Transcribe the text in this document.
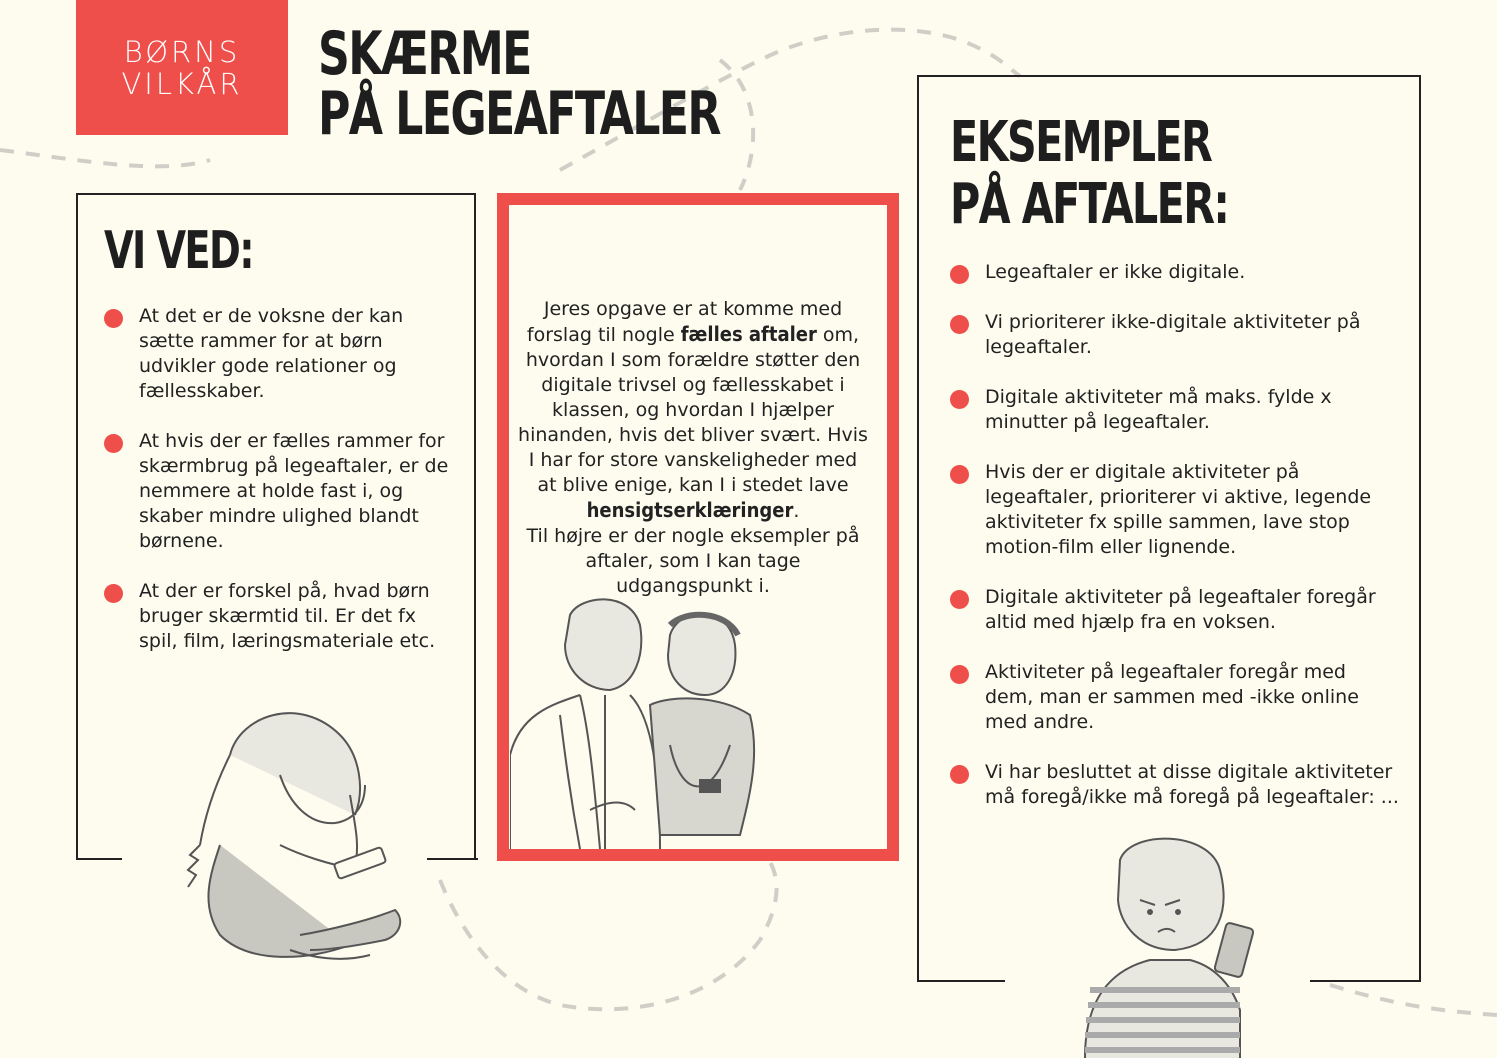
BØRNS
VILKÅR SKÆRME
PÅ LEGEAFTALER
VI VED:
At det er de voksne der kan sætte rammer for at børn udvikler gode relationer og fællesskaber.
At hvis der er fælles rammer for skærmbrug på legeaftaler, er de nemmere at holde fast i, og skaber mindre ulighed blandt børnene.
At der er forskel på, hvad børn bruger skærmtid til. Er det fx spil, film, læringsmateriale etc.

Jeres opgave er at komme med forslag til nogle fælles aftaler om, hvordan I som forældre støtter den digitale trivsel og fællesskabet i klassen, og hvordan I hjælper hinanden, hvis det bliver svært. Hvis I har for store vanskeligheder med at blive enige, kan I i stedet lave hensigtserklæringer.
Til højre er der nogle eksempler på aftaler, som I kan tage udgangspunkt i.

EKSEMPLER
PÅ AFTALER:
Legeaftaler er ikke digitale.
Vi prioriterer ikke-digitale aktiviteter på legeaftaler.
Digitale aktiviteter må maks. fylde x minutter på legeaftaler.
Hvis der er digitale aktiviteter på legeaftaler, prioriterer vi aktive, legende aktiviteter fx spille sammen, lave stop motion-film eller lignende.
Digitale aktiviteter på legeaftaler foregår altid med hjælp fra en voksen.
Aktiviteter på legeaftaler foregår med dem, man er sammen med -ikke online med andre.
Vi har besluttet at disse digitale aktiviteter må foregå/ikke må foregå på legeaftaler: ...
